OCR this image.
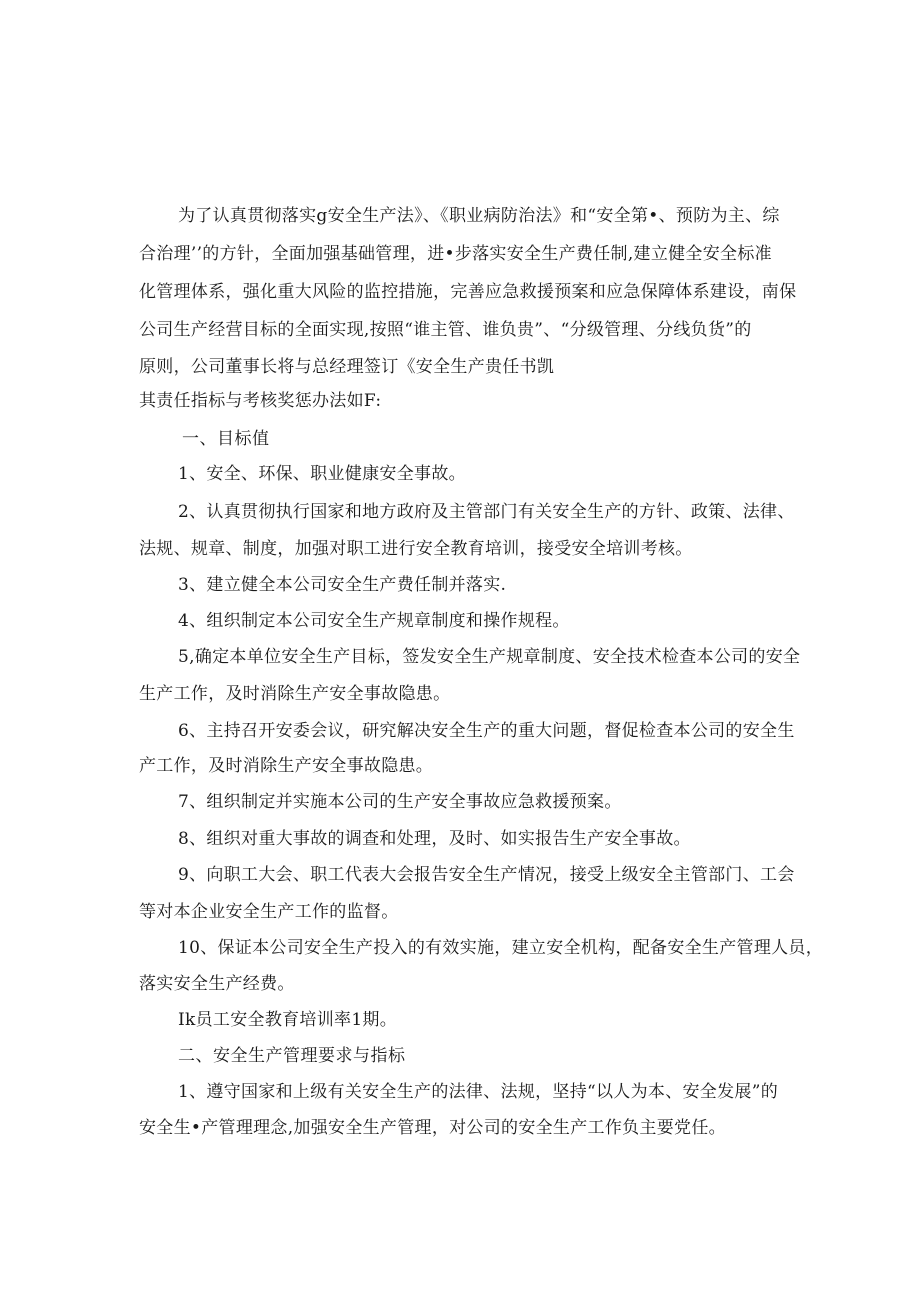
为了认真贯彻落实g安全生产法》、《职业病防治法》和“安全第•、预防为主、综
合治理’’的方针，全面加强基础管理，进•步落实安全生产费任制,建立健全安全标准
化管理体系，强化重大风险的监控措施，完善应急救援预案和应急保障体系建设，南保
公司生产经营目标的全面实现,按照“谁主管、谁负贵”、“分级管理、分线负货”的
原则，公司董事长将与总经理签订《安全生产贵任书凯
其责任指标与考核奖惩办法如F:
一、目标值
1、安全、环保、职业健康安全事故。
2、认真贯彻执行国家和地方政府及主管部门有关安全生产的方针、政策、法律、
法规、规章、制度，加强对职工进行安全教育培训，接受安全培训考核。
3、建立健全本公司安全生产费任制并落实.
4、组织制定本公司安全生产规章制度和操作规程。
5,确定本单位安全生产目标，签发安全生产规章制度、安全技术检查本公司的安全
生产工作，及时消除生产安全事故隐患。
6、主持召开安委会议，研究解决安全生产的重大问题，督促检查本公司的安全生
产工作，及时消除生产安全事故隐患。
7、组织制定并实施本公司的生产安全事故应急救援预案。
8、组织对重大事故的调查和处理，及时、如实报告生产安全事故。
9、向职工大会、职工代表大会报告安全生产情况，接受上级安全主管部门、工会
等对本企业安全生产工作的监督。
10、保证本公司安全生产投入的有效实施，建立安全机构，配备安全生产管理人员，
落实安全生产经费。
Ik员工安全教育培训率1期。
二、安全生产管理要求与指标
1、遵守国家和上级有关安全生产的法律、法规，坚持“以人为本、安全发展”的
安全生•产管理理念,加强安全生产管理，对公司的安全生产工作负主要党任。
